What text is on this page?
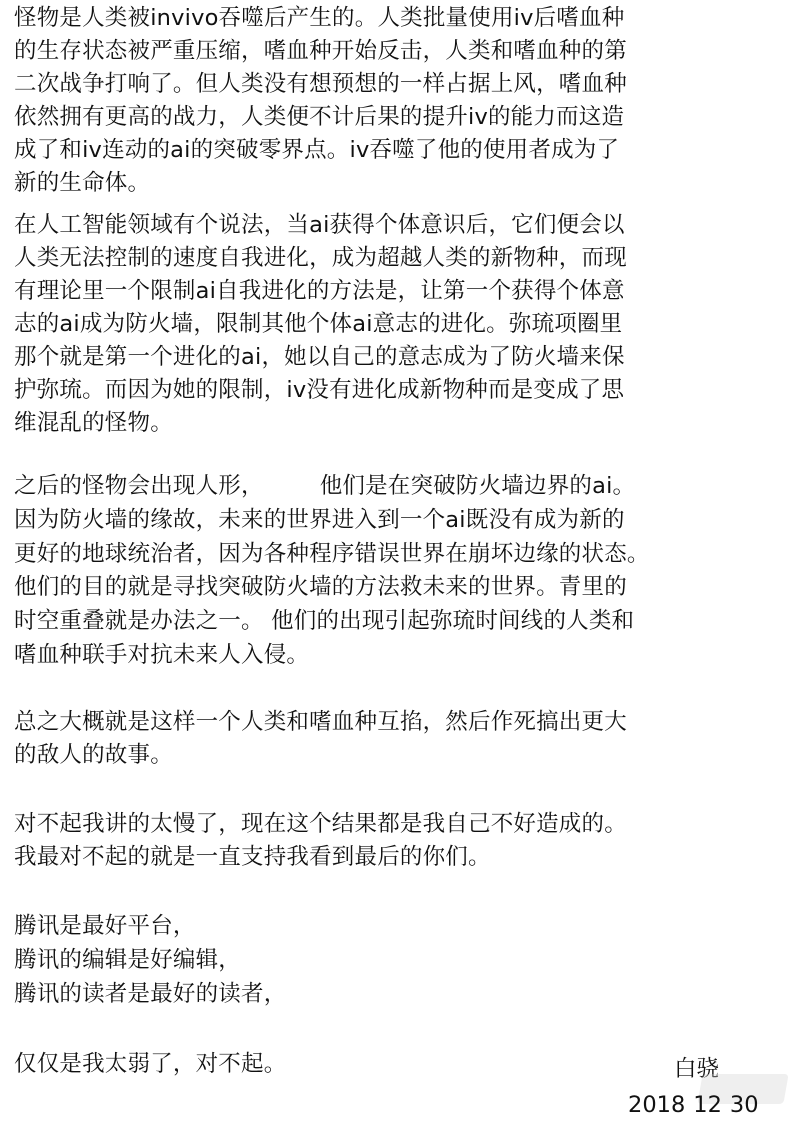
怪物是人类被invivo吞噬后产生的。人类批量使用iv后嗜血种
的生存状态被严重压缩，嗜血种开始反击，人类和嗜血种的第
二次战争打响了。但人类没有想预想的一样占据上风，嗜血种
依然拥有更高的战力，人类便不计后果的提升iv的能力而这造
成了和iv连动的ai的突破零界点。iv吞噬了他的使用者成为了
新的生命体。
在人工智能领域有个说法，当ai获得个体意识后，它们便会以
人类无法控制的速度自我进化，成为超越人类的新物种，而现
有理论里一个限制ai自我进化的方法是，让第一个获得个体意
志的ai成为防火墙，限制其他个体ai意志的进化。弥琉项圈里
那个就是第一个进化的ai，她以自己的意志成为了防火墙来保
护弥琉。而因为她的限制，iv没有进化成新物种而是变成了思
维混乱的怪物。
之后的怪物会出现人形， 他们是在突破防火墙边界的ai。
因为防火墙的缘故，未来的世界进入到一个ai既没有成为新的
更好的地球统治者，因为各种程序错误世界在崩坏边缘的状态。
他们的目的就是寻找突破防火墙的方法救未来的世界。青里的
时空重叠就是办法之一。 他们的出现引起弥琉时间线的人类和
嗜血种联手对抗未来人入侵。
总之大概就是这样一个人类和嗜血种互掐，然后作死搞出更大
的敌人的故事。
对不起我讲的太慢了，现在这个结果都是我自己不好造成的。
我最对不起的就是一直支持我看到最后的你们。
腾讯是最好平台，
腾讯的编辑是好编辑，
腾讯的读者是最好的读者，
仅仅是我太弱了，对不起。	白骁
2018 12 30
